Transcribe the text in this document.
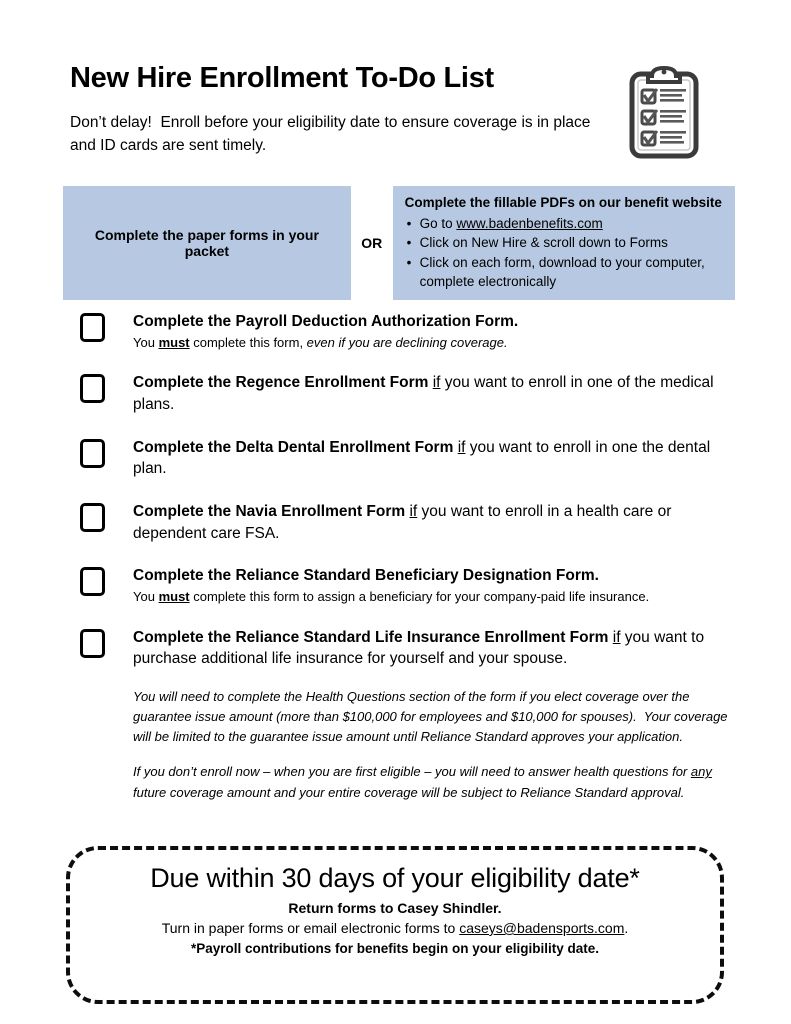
New Hire Enrollment To-Do List
Don’t delay!  Enroll before your eligibility date to ensure coverage is in place and ID cards are sent timely.
Complete the paper forms in your packet	OR
Complete the fillable PDFs on our benefit website
• Go to www.badenbenefits.com
• Click on New Hire & scroll down to Forms
• Click on each form, download to your computer, complete electronically
Complete the Payroll Deduction Authorization Form.
You must complete this form, even if you are declining coverage.
Complete the Regence Enrollment Form if you want to enroll in one of the medical plans.
Complete the Delta Dental Enrollment Form if you want to enroll in one the dental plan.
Complete the Navia Enrollment Form if you want to enroll in a health care or dependent care FSA.
Complete the Reliance Standard Beneficiary Designation Form.
You must complete this form to assign a beneficiary for your company-paid life insurance.
Complete the Reliance Standard Life Insurance Enrollment Form if you want to purchase additional life insurance for yourself and your spouse.

You will need to complete the Health Questions section of the form if you elect coverage over the guarantee issue amount (more than $100,000 for employees and $10,000 for spouses).  Your coverage will be limited to the guarantee issue amount until Reliance Standard approves your application.

If you don’t enroll now – when you are first eligible – you will need to answer health questions for any future coverage amount and your entire coverage will be subject to Reliance Standard approval.

Due within 30 days of your eligibility date*
Return forms to Casey Shindler.
Turn in paper forms or email electronic forms to caseys@badensports.com.
*Payroll contributions for benefits begin on your eligibility date.
